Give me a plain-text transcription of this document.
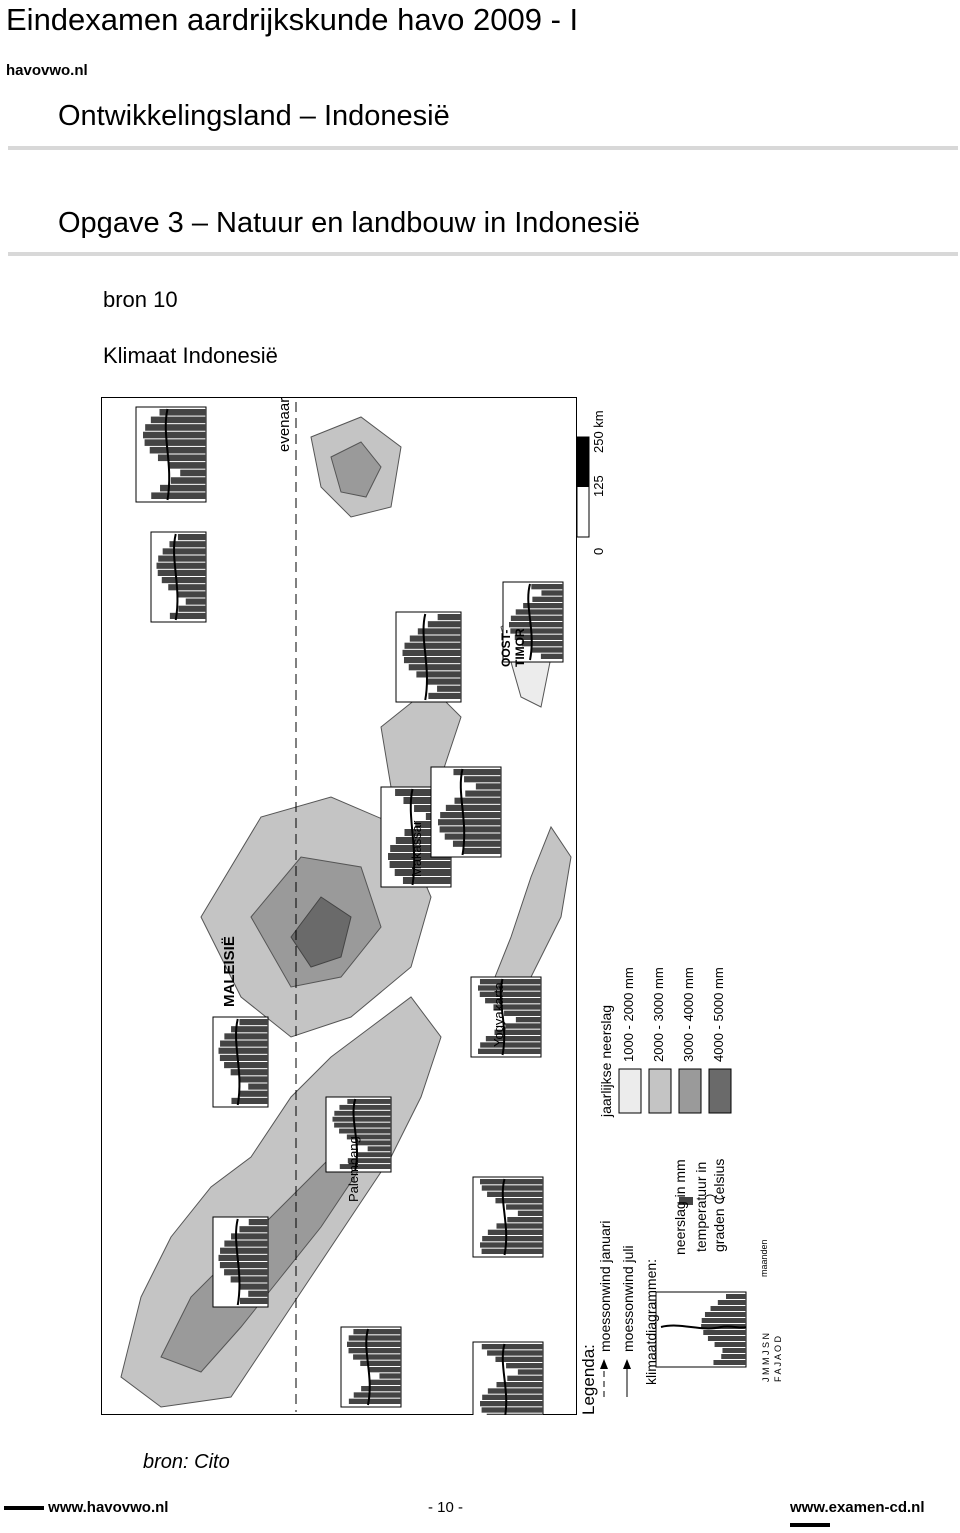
Eindexamen aardrijkskunde havo 2009 - I
havovwo.nl
Ontwikkelingsland – Indonesië
Opgave 3 – Natuur en landbouw in Indonesië
bron 10
Klimaat Indonesië
evenaar
MALEISIË
Palembang
Yogyakarta
Makassar
OOST- TIMOR
0
125
250 km
Legenda:
moessonwind januari moessonwind juli klimaatdiagrammen:
neerslag in mm temperatuur in graden Celsius
jaarlijkse neerslag 1000 - 2000 mm 2000 - 3000 mm 3000 - 4000 mm 4000 - 5000 mm
maanden
J M M J S N F A J A O D
bron: Cito
www.havovwo.nl	- 10 -	www.examen-cd.nl
